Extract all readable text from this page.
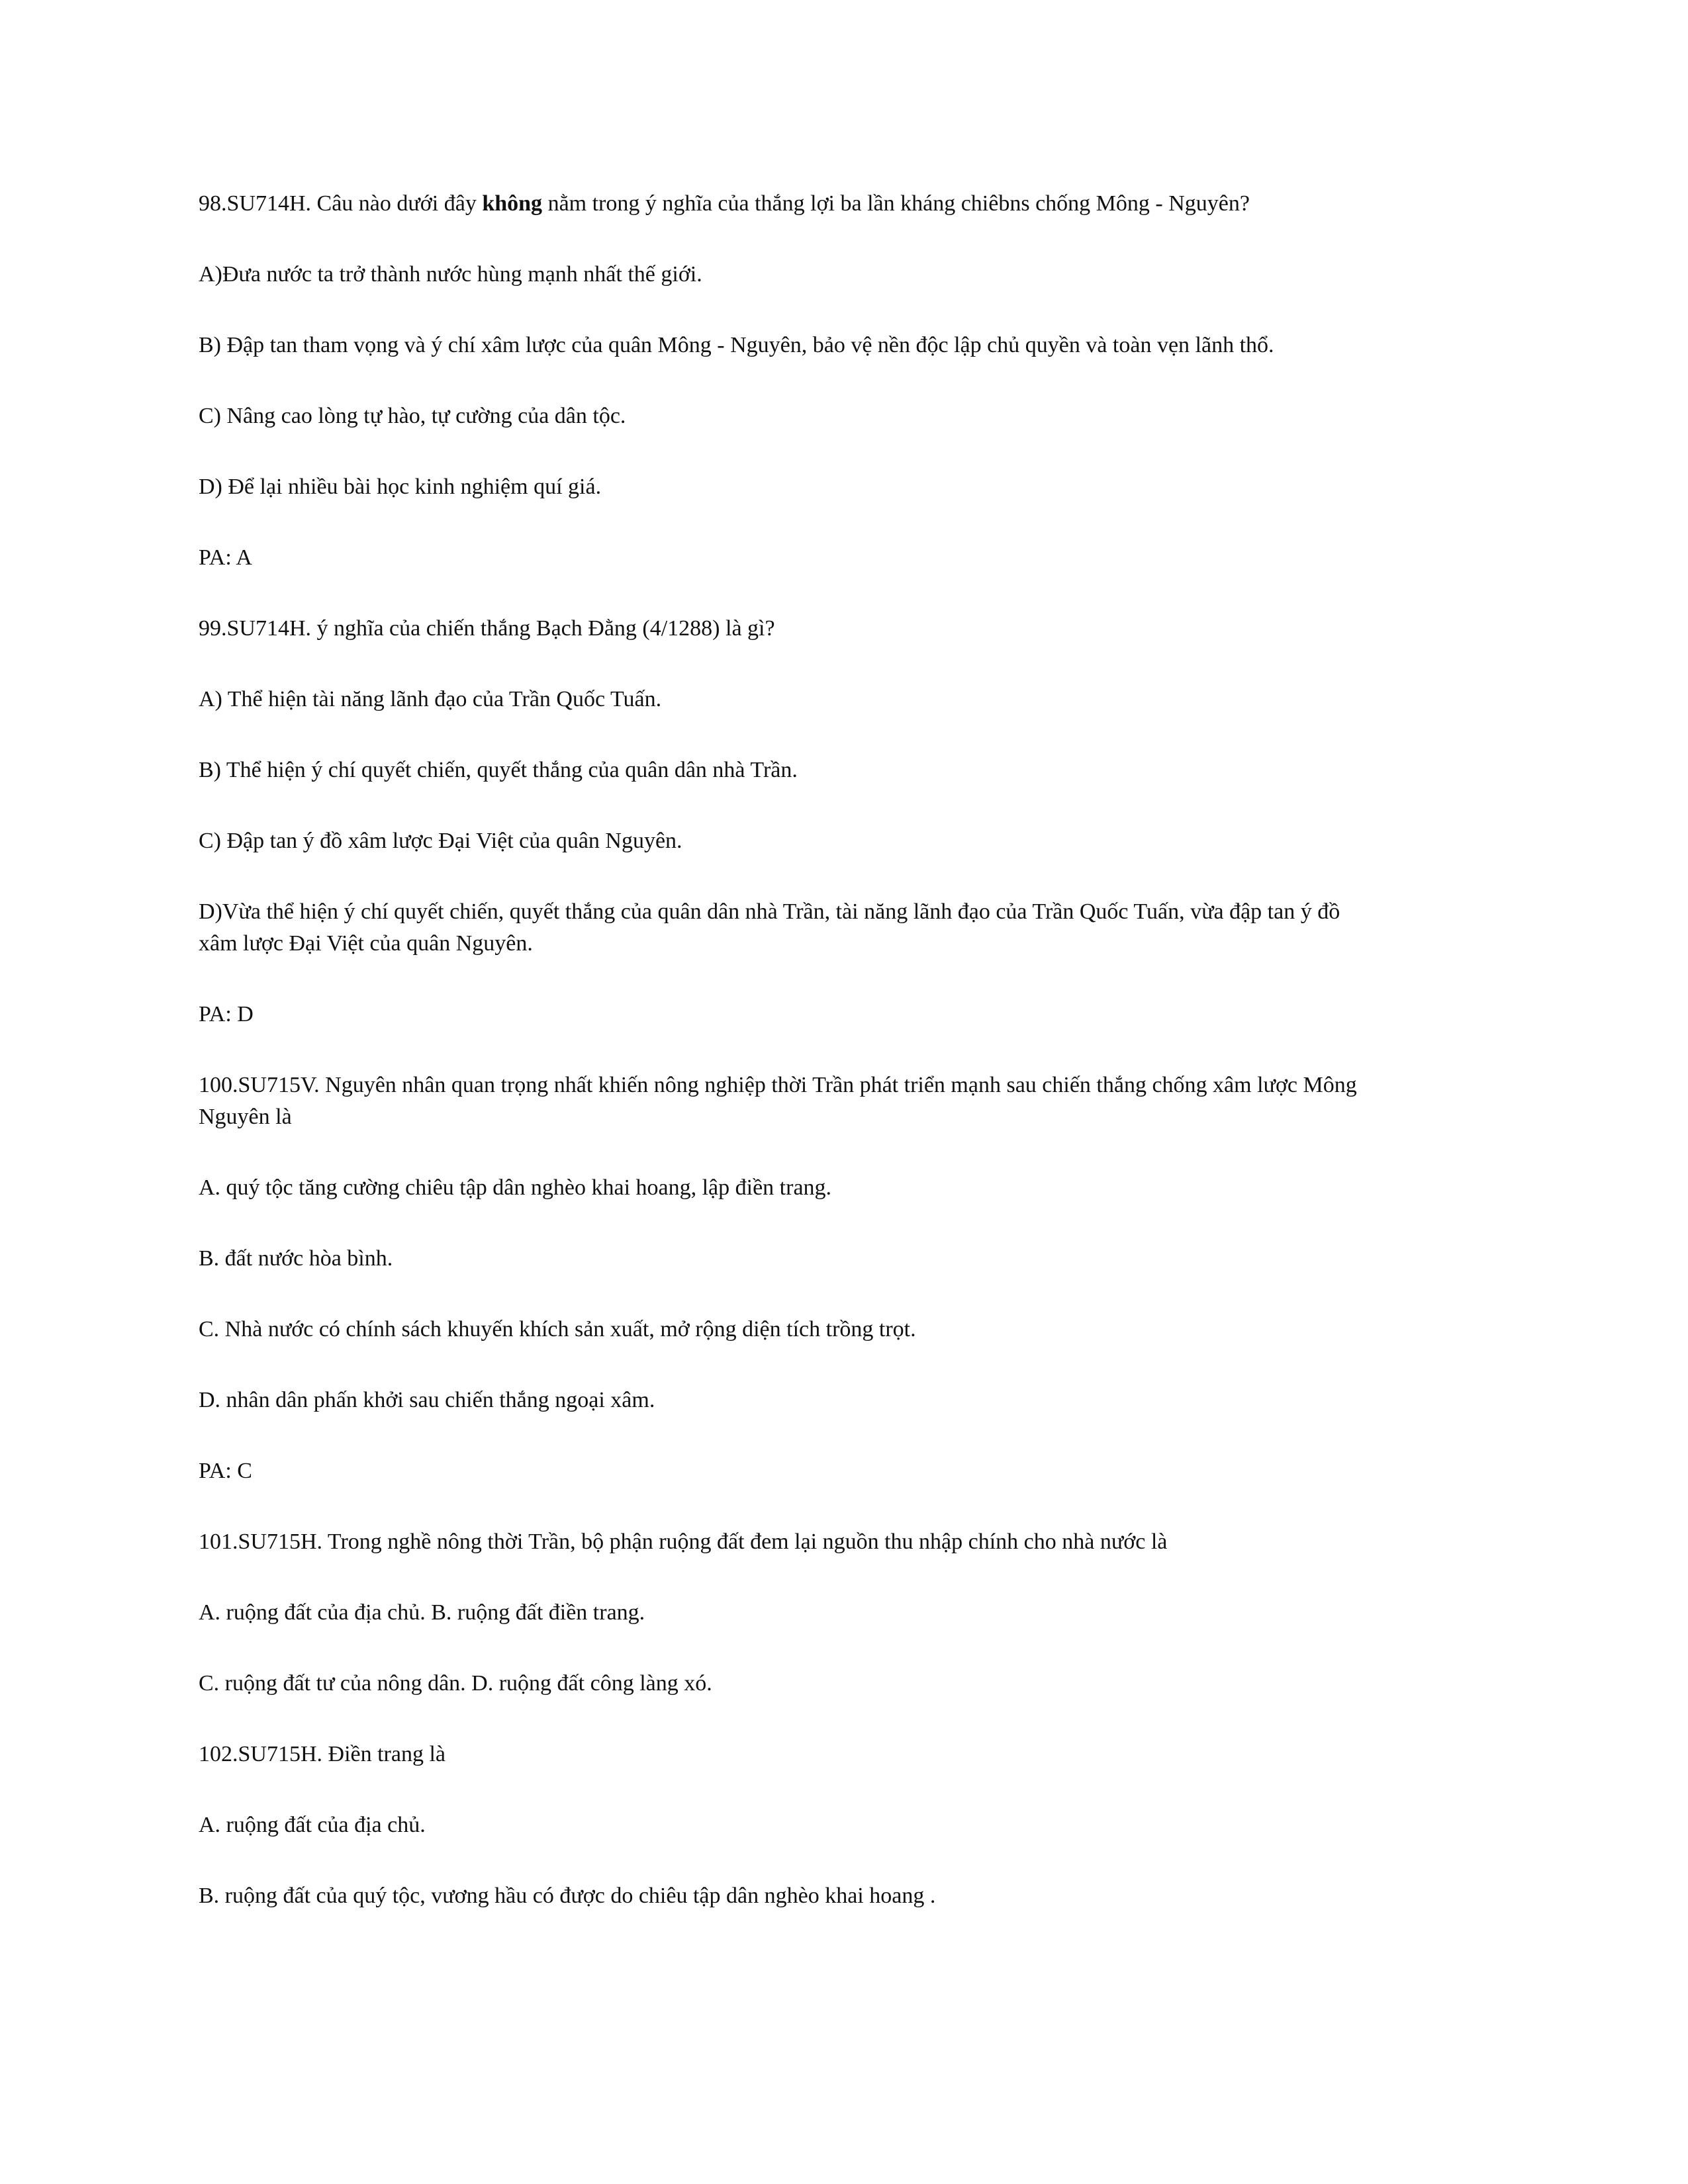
98.SU714H. Câu nào dưới đây không nằm trong ý nghĩa của thắng lợi ba lần kháng chiêbns chống Mông - Nguyên?
A)Đưa nước ta trở thành nước hùng mạnh nhất thế giới.
B) Đập tan tham vọng và ý chí xâm lược của quân Mông - Nguyên, bảo vệ nền độc lập chủ quyền và toàn vẹn lãnh thổ.
C) Nâng cao lòng tự hào, tự cường của dân tộc.
D) Để lại nhiều bài học kinh nghiệm quí giá.
PA: A
99.SU714H. ý nghĩa của chiến thắng Bạch Đằng (4/1288) là gì?
A) Thể hiện tài năng lãnh đạo của Trần Quốc Tuấn.
B) Thể hiện ý chí quyết chiến, quyết thắng của quân dân nhà Trần.
C) Đập tan ý đồ xâm lược Đại Việt của quân Nguyên.
D)Vừa thể hiện ý chí quyết chiến, quyết thắng của quân dân nhà Trần, tài năng lãnh đạo của Trần Quốc Tuấn, vừa đập tan ý đồ
xâm lược Đại Việt của quân Nguyên.
PA: D
100.SU715V. Nguyên nhân quan trọng nhất khiến nông nghiệp thời Trần phát triển mạnh sau chiến thắng chống xâm lược Mông
Nguyên là
A. quý tộc tăng cường chiêu tập dân nghèo khai hoang, lập điền trang.
B. đất nước hòa bình.
C. Nhà nước có chính sách khuyến khích sản xuất, mở rộng diện tích trồng trọt.
D. nhân dân phấn khởi sau chiến thắng ngoại xâm.
PA: C
101.SU715H. Trong nghề nông thời Trần, bộ phận ruộng đất đem lại nguồn thu nhập chính cho nhà nước là
A. ruộng đất của địa chủ. B. ruộng đất điền trang.
C. ruộng đất tư của nông dân. D. ruộng đất công làng xó.
102.SU715H. Điền trang là
A. ruộng đất của địa chủ.
B. ruộng đất của quý tộc, vương hầu có được do chiêu tập dân nghèo khai hoang .
